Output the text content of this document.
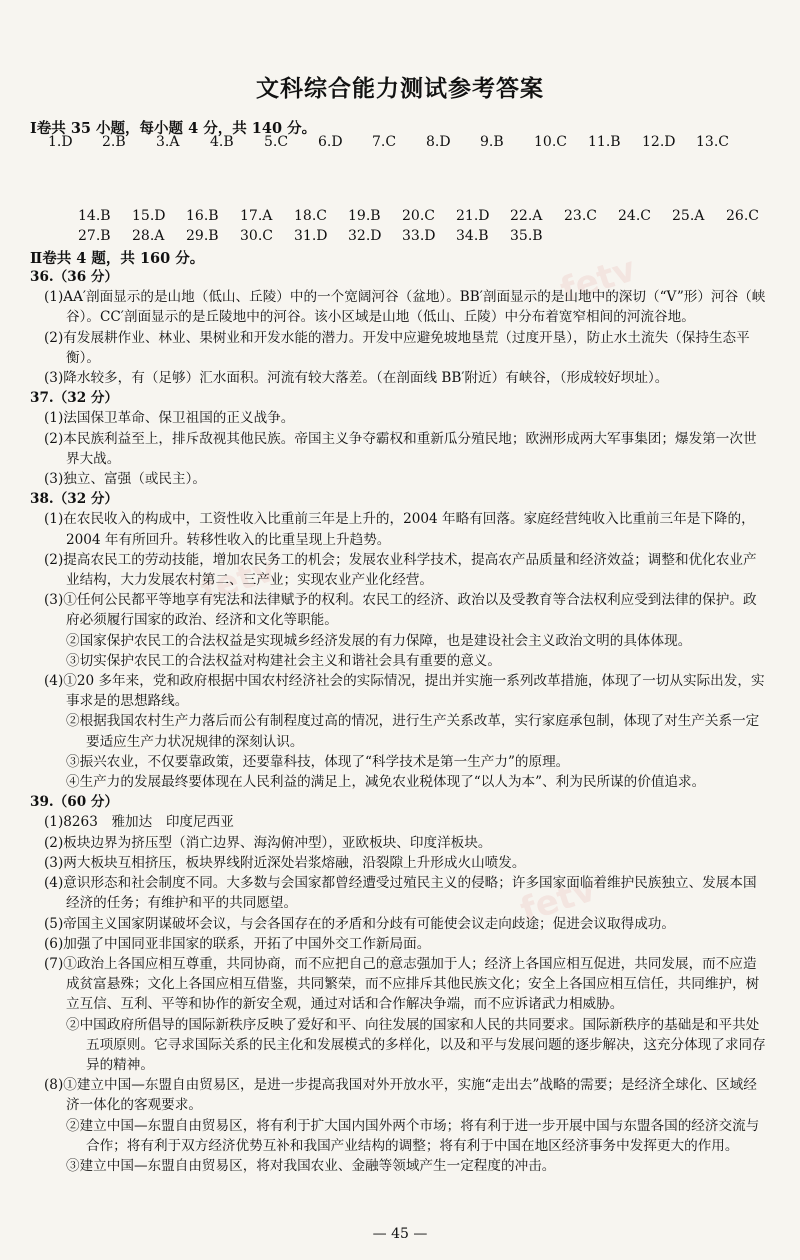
fetv
fetv
fetv
文科综合能力测试参考答案
Ⅰ卷共 35 小题，每小题 4 分，共 140 分。
1.D 2.B 3.A 4.B 5.C 6.D 7.C 8.D 9.B 10.C 11.B 12.D 13.C
14.B 15.D 16.B 17.A 18.C 19.B 20.C 21.D 22.A 23.C 24.C 25.A 26.C
27.B 28.A 29.B 30.C 31.D 32.D 33.D 34.B 35.B
Ⅱ卷共 4 题，共 160 分。
36.（36 分）
(1)AA′剖面显示的是山地（低山、丘陵）中的一个宽阔河谷（盆地）。BB′剖面显示的是山地中的深切（“V”形）河谷（峡谷）。CC′剖面显示的是丘陵地中的河谷。该小区域是山地（低山、丘陵）中分布着宽窄相间的河流谷地。
(2)有发展耕作业、林业、果树业和开发水能的潜力。开发中应避免坡地垦荒（过度开垦），防止水土流失（保持生态平衡）。
(3)降水较多，有（足够）汇水面积。河流有较大落差。（在剖面线 BB′附近）有峡谷，（形成较好坝址）。
37.（32 分）
(1)法国保卫革命、保卫祖国的正义战争。
(2)本民族利益至上，排斥敌视其他民族。帝国主义争夺霸权和重新瓜分殖民地；欧洲形成两大军事集团；爆发第一次世界大战。
(3)独立、富强（或民主）。
38.（32 分）
(1)在农民收入的构成中，工资性收入比重前三年是上升的，2004 年略有回落。家庭经营纯收入比重前三年是下降的，2004 年有所回升。转移性收入的比重呈现上升趋势。
(2)提高农民工的劳动技能，增加农民务工的机会；发展农业科学技术，提高农产品质量和经济效益；调整和优化农业产业结构，大力发展农村第二、三产业；实现农业产业化经营。
(3)①任何公民都平等地享有宪法和法律赋予的权利。农民工的经济、政治以及受教育等合法权利应受到法律的保护。政府必须履行国家的政治、经济和文化等职能。
②国家保护农民工的合法权益是实现城乡经济发展的有力保障，也是建设社会主义政治文明的具体体现。
③切实保护农民工的合法权益对构建社会主义和谐社会具有重要的意义。
(4)①20 多年来，党和政府根据中国农村经济社会的实际情况，提出并实施一系列改革措施，体现了一切从实际出发，实事求是的思想路线。
②根据我国农村生产力落后而公有制程度过高的情况，进行生产关系改革，实行家庭承包制，体现了对生产关系一定要适应生产力状况规律的深刻认识。
③振兴农业，不仅要靠政策，还要靠科技，体现了“科学技术是第一生产力”的原理。
④生产力的发展最终要体现在人民利益的满足上，减免农业税体现了“以人为本”、利为民所谋的价值追求。
39.（60 分）
(1)8263　雅加达　印度尼西亚
(2)板块边界为挤压型（消亡边界、海沟俯冲型），亚欧板块、印度洋板块。
(3)两大板块互相挤压，板块界线附近深处岩浆熔融，沿裂隙上升形成火山喷发。
(4)意识形态和社会制度不同。大多数与会国家都曾经遭受过殖民主义的侵略；许多国家面临着维护民族独立、发展本国经济的任务；有维护和平的共同愿望。
(5)帝国主义国家阴谋破坏会议，与会各国存在的矛盾和分歧有可能使会议走向歧途；促进会议取得成功。
(6)加强了中国同亚非国家的联系，开拓了中国外交工作新局面。
(7)①政治上各国应相互尊重，共同协商，而不应把自己的意志强加于人；经济上各国应相互促进，共同发展，而不应造成贫富悬殊；文化上各国应相互借鉴，共同繁荣，而不应排斥其他民族文化；安全上各国应相互信任，共同维护，树立互信、互利、平等和协作的新安全观，通过对话和合作解决争端，而不应诉诸武力相威胁。
②中国政府所倡导的国际新秩序反映了爱好和平、向往发展的国家和人民的共同要求。国际新秩序的基础是和平共处五项原则。它寻求国际关系的民主化和发展模式的多样化，以及和平与发展问题的逐步解决，这充分体现了求同存异的精神。
(8)①建立中国—东盟自由贸易区，是进一步提高我国对外开放水平，实施“走出去”战略的需要；是经济全球化、区域经济一体化的客观要求。
②建立中国—东盟自由贸易区，将有利于扩大国内国外两个市场；将有利于进一步开展中国与东盟各国的经济交流与合作；将有利于双方经济优势互补和我国产业结构的调整；将有利于中国在地区经济事务中发挥更大的作用。
③建立中国—东盟自由贸易区，将对我国农业、金融等领域产生一定程度的冲击。
— 45 —
